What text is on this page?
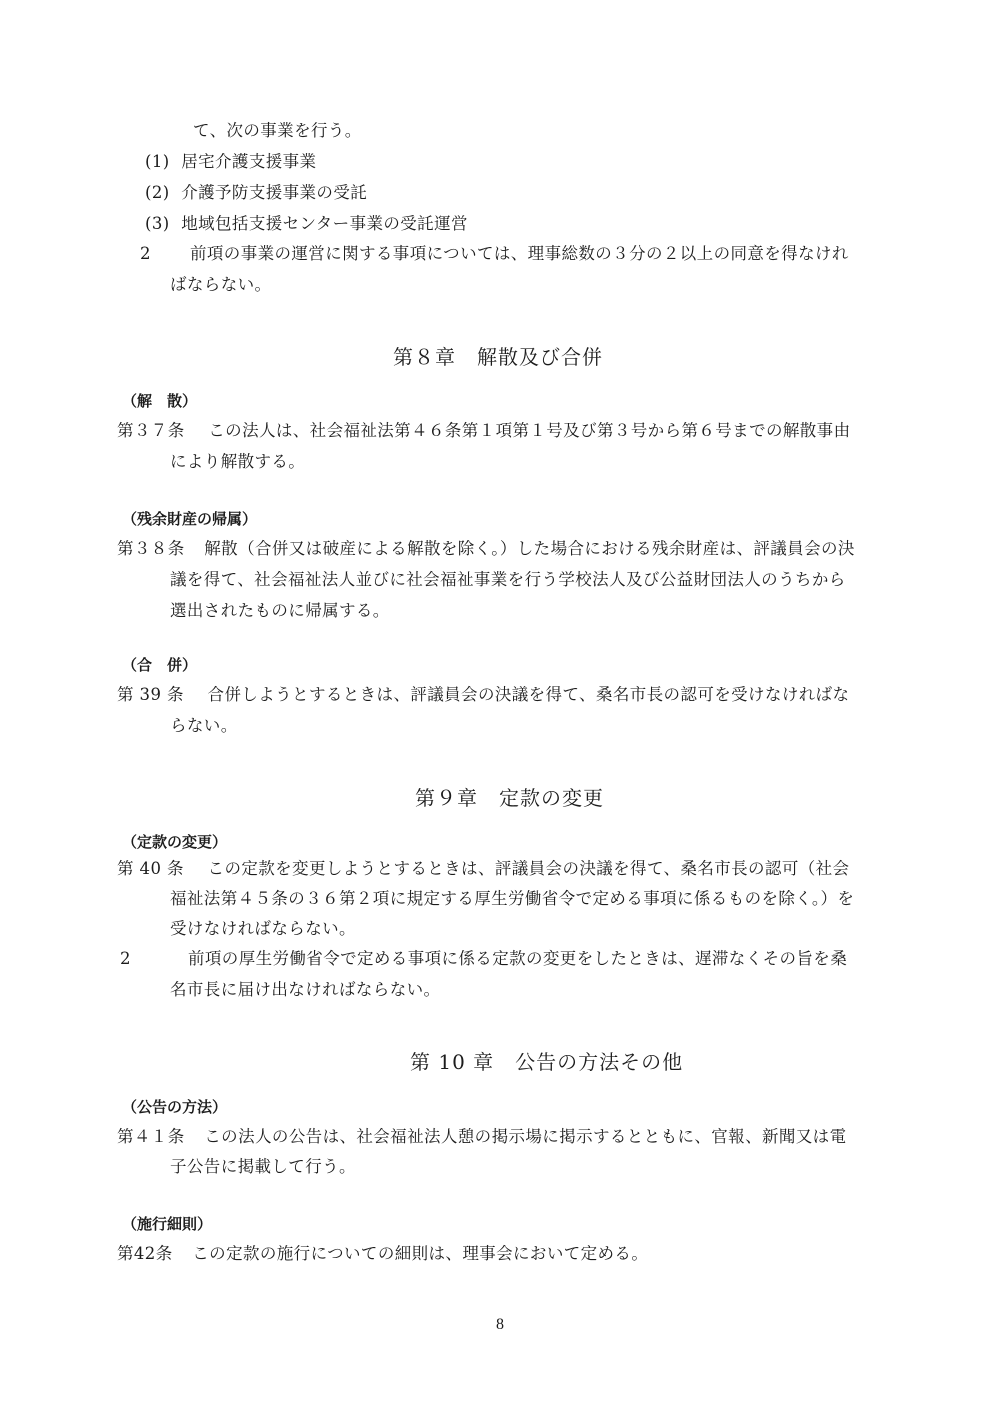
て、次の事業を行う。
(1) 居宅介護支援事業
(2) 介護予防支援事業の受託
(3) 地域包括支援センター事業の受託運営
2 前項の事業の運営に関する事項については、理事総数の３分の２以上の同意を得なけれ
ばならない。
第８章　解散及び合併
（解　散）
第３７条 この法人は、社会福祉法第４６条第１項第１号及び第３号から第６号までの解散事由
により解散する。
（残余財産の帰属）
第３８条 解散（合併又は破産による解散を除く。）した場合における残余財産は、評議員会の決
議を得て、社会福祉法人並びに社会福祉事業を行う学校法人及び公益財団法人のうちから
選出されたものに帰属する。
（合　併）
第 39 条 合併しようとするときは、評議員会の決議を得て、桑名市長の認可を受けなければな
らない。
第９章　定款の変更
（定款の変更）
第 40 条 この定款を変更しようとするときは、評議員会の決議を得て、桑名市長の認可（社会
福祉法第４５条の３６第２項に規定する厚生労働省令で定める事項に係るものを除く。）を
受けなければならない。
2	前項の厚生労働省令で定める事項に係る定款の変更をしたときは、遅滞なくその旨を桑
名市長に届け出なければならない。
第 10 章　公告の方法その他
（公告の方法）
第４１条 この法人の公告は、社会福祉法人憩の掲示場に掲示するとともに、官報、新聞又は電
子公告に掲載して行う。
（施行細則）
第42条 この定款の施行についての細則は、理事会において定める。
8
